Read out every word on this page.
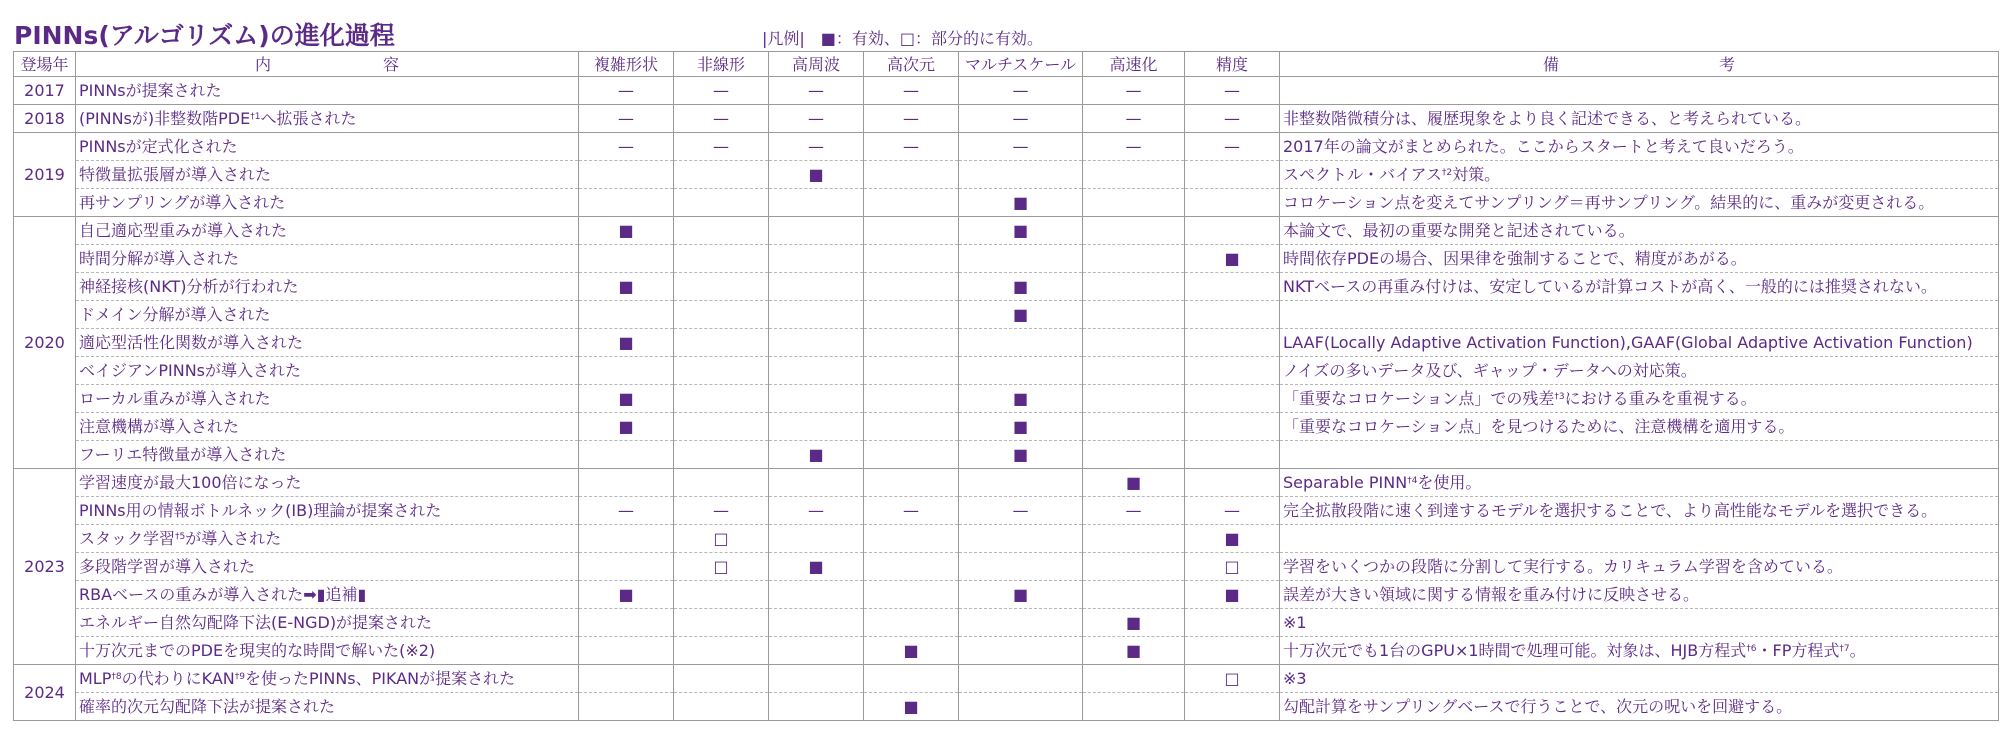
PINNs(アルゴリズム)の進化過程	|凡例|　■：有効、□：部分的に有効。
登場年	内　　　　　　　容	複雑形状	非線形	高周波	高次元	マルチスケール	高速化	精度	備　　　　　　　　　　考
2017	PINNsが提案された	—	—	—	—	—	—	—	
2018	(PINNsが)非整数階PDE$^{\dagger 1}$へ拡張された	—	—	—	—	—	—	—	非整数階微積分は、履歴現象をより良く記述できる、と考えられている。
2019	PINNsが定式化された	—	—	—	—	—	—	—	2017年の論文がまとめられた。ここからスタートと考えて良いだろう。
	特徴量拡張層が導入された			■					スペクトル・バイアス$^{\dagger 2}$対策。
	再サンプリングが導入された					■			コロケーション点を変えてサンプリング＝再サンプリング。結果的に、重みが変更される。
2020	自己適応型重みが導入された	■				■			本論文で、最初の重要な開発と記述されている。
	時間分解が導入された							■	時間依存PDEの場合、因果律を強制することで、精度があがる。
	神経接核(NKT)分析が行われた	■				■			NKTベースの再重み付けは、安定しているが計算コストが高く、一般的には推奨されない。
	ドメイン分解が導入された					■			
	適応型活性化関数が導入された	■							LAAF(Locally Adaptive Activation Function),GAAF(Global Adaptive Activation Function)
	ベイジアンPINNsが導入された								ノイズの多いデータ及び、ギャップ・データへの対応策。
	ローカル重みが導入された	■				■			「重要なコロケーション点」での残差$^{\dagger 3}$における重みを重視する。
	注意機構が導入された	■				■			「重要なコロケーション点」を見つけるために、注意機構を適用する。
	フーリエ特徴量が導入された			■		■			
2023	学習速度が最大100倍になった						■		Separable PINN$^{\dagger 4}$を使用。
	PINNs用の情報ボトルネック(IB)理論が提案された	—	—	—	—	—	—	—	完全拡散段階に速く到達するモデルを選択することで、より高性能なモデルを選択できる。
	スタック学習$^{\dagger 5}$が導入された		□					■	
	多段階学習が導入された		□	■				□	学習をいくつかの段階に分割して実行する。カリキュラム学習を含めている。
	RBAベースの重みが導入された➡▮追補▮	■				■		■	誤差が大きい領域に関する情報を重み付けに反映させる。
	エネルギー自然勾配降下法(E-NGD)が提案された						■		※1
	十万次元までのPDEを現実的な時間で解いた(※2)				■		■		十万次元でも1台のGPU×1時間で処理可能。対象は、HJB方程式$^{\dagger 6}$・FP方程式$^{\dagger 7}$。
2024	MLP$^{\dagger 8}$の代わりにKAN$^{\dagger 9}$を使ったPINNs、PIKANが提案された							□	※3
	確率的次元勾配降下法が提案された				■				勾配計算をサンプリングベースで行うことで、次元の呪いを回避する。
